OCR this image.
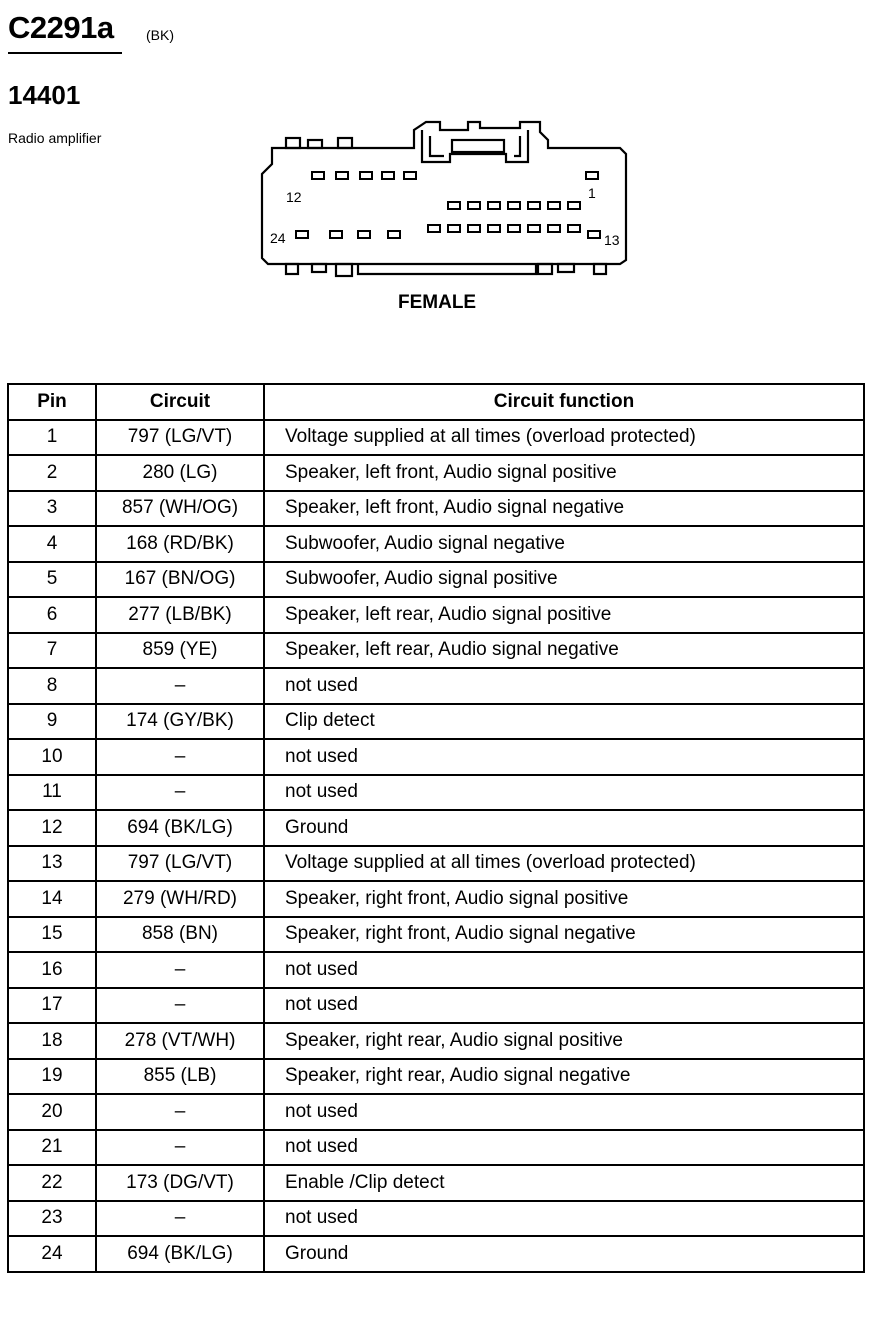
C2291a (BK)
14401
Radio amplifier
12	1
24	13
FEMALE
Pin	Circuit	Circuit function
1	797 (LG/VT)	Voltage supplied at all times (overload protected)
2	280 (LG)	Speaker, left front, Audio signal positive
3	857 (WH/OG)	Speaker, left front, Audio signal negative
4	168 (RD/BK)	Subwoofer, Audio signal negative
5	167 (BN/OG)	Subwoofer, Audio signal positive
6	277 (LB/BK)	Speaker, left rear, Audio signal positive
7	859 (YE)	Speaker, left rear, Audio signal negative
8	–	not used
9	174 (GY/BK)	Clip detect
10	–	not used
11	–	not used
12	694 (BK/LG)	Ground
13	797 (LG/VT)	Voltage supplied at all times (overload protected)
14	279 (WH/RD)	Speaker, right front, Audio signal positive
15	858 (BN)	Speaker, right front, Audio signal negative
16	–	not used
17	–	not used
18	278 (VT/WH)	Speaker, right rear, Audio signal positive
19	855 (LB)	Speaker, right rear, Audio signal negative
20	–	not used
21	–	not used
22	173 (DG/VT)	Enable /Clip detect
23	–	not used
24	694 (BK/LG)	Ground
